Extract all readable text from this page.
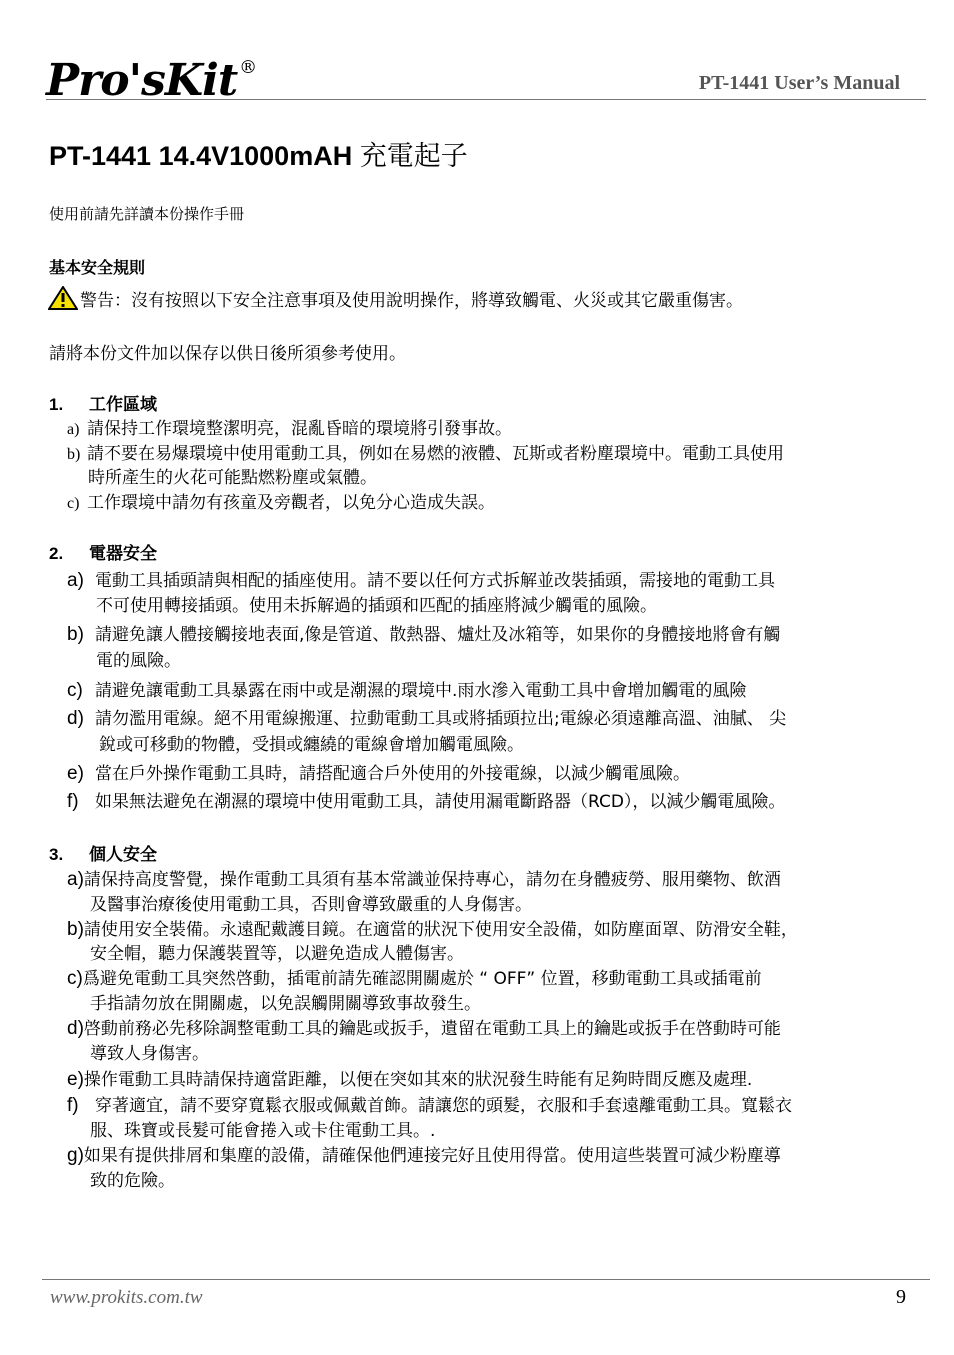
Pro'sKit ®
PT-1441 User’s Manual
PT-1441 14.4V1000mAH 充電起子
使用前請先詳讀本份操作手冊
基本安全規則
警告：沒有按照以下安全注意事項及使用說明操作，將導致觸電、火災或其它嚴重傷害。
請將本份文件加以保存以供日後所須參考使用。
1. 工作區域
a) 請保持工作環境整潔明亮，混亂昏暗的環境將引發事故。
b) 請不要在易爆環境中使用電動工具，例如在易燃的液體、瓦斯或者粉塵環境中。電動工具使用
時所產生的火花可能點燃粉塵或氣體。
c) 工作環境中請勿有孩童及旁觀者，以免分心造成失誤。
2. 電器安全
a) 電動工具插頭請與相配的插座使用。請不要以任何方式拆解並改裝插頭，需接地的電動工具
不可使用轉接插頭。使用未拆解過的插頭和匹配的插座將減少觸電的風險。
b) 請避免讓人體接觸接地表面,像是管道、散熱器、爐灶及冰箱等，如果你的身體接地將會有觸
電的風險。
c) 請避免讓電動工具暴露在雨中或是潮濕的環境中.雨水滲入電動工具中會增加觸電的風險
d) 請勿濫用電線。絕不用電線搬運、拉動電動工具或將插頭拉出;電線必須遠離高溫、油膩、 尖
銳或可移動的物體，受損或纏繞的電線會增加觸電風險。
e) 當在戶外操作電動工具時，請搭配適合戶外使用的外接電線，以減少觸電風險。
f) 如果無法避免在潮濕的環境中使用電動工具，請使用漏電斷路器（RCD），以減少觸電風險。
3. 個人安全
a)請保持高度警覺，操作電動工具須有基本常識並保持專心，請勿在身體疲勞、服用藥物、飲酒
及醫事治療後使用電動工具，否則會導致嚴重的人身傷害。
b)請使用安全裝備。永遠配戴護目鏡。在適當的狀況下使用安全設備，如防塵面罩、防滑安全鞋，
安全帽，聽力保護裝置等，以避免造成人體傷害。
c)爲避免電動工具突然啓動，插電前請先確認開關處於 “ OFF” 位置，移動電動工具或插電前
手指請勿放在開關處，以免誤觸開關導致事故發生。
d)啓動前務必先移除調整電動工具的鑰匙或扳手，遺留在電動工具上的鑰匙或扳手在啓動時可能
導致人身傷害。
e)操作電動工具時請保持適當距離，以便在突如其來的狀況發生時能有足夠時間反應及處理.
f) 穿著適宜，請不要穿寬鬆衣服或佩戴首飾。請讓您的頭髮，衣服和手套遠離電動工具。寬鬆衣
服、珠寶或長髮可能會捲入或卡住電動工具。.
g)如果有提供排屑和集塵的設備，請確保他們連接完好且使用得當。使用這些裝置可減少粉塵導
致的危險。
www.prokits.com.tw	9
